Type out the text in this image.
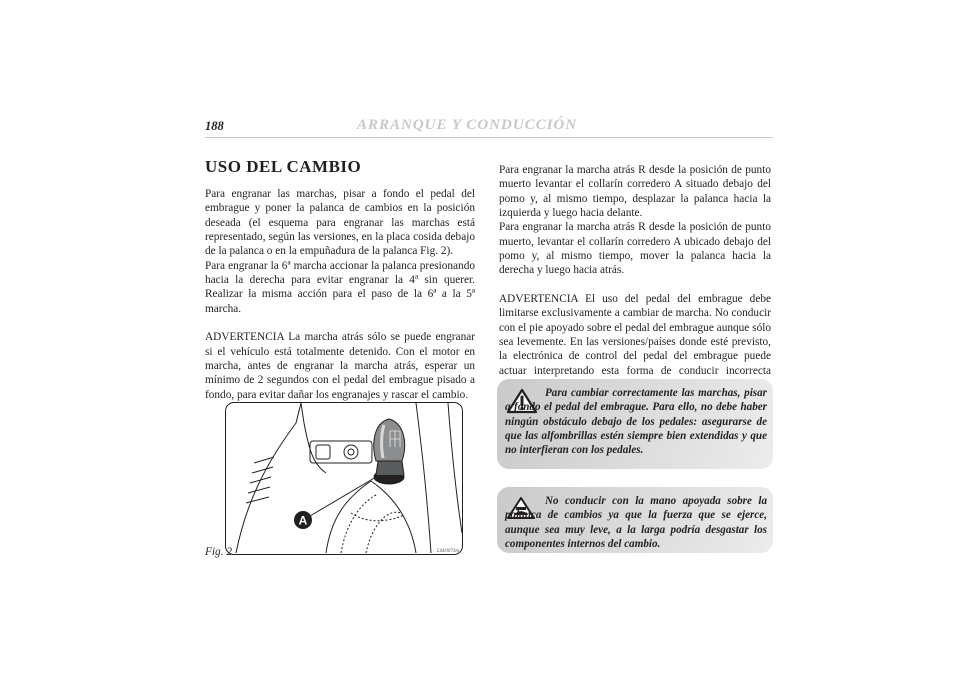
188	ARRANQUE Y CONDUCCIÓN
USO DEL CAMBIO

Para engranar las marchas, pisar a fondo el pedal del embrague y poner la palanca de cambios en la posición deseada (el esquema para engranar las marchas está representado, según las versiones, en la placa cosida debajo de la palanca o en la empuñadura de la palanca Fig. 2).

Para engranar la 6ª marcha accionar la palanca presionando hacia la derecha para evitar engranar la 4ª sin querer. Realizar la misma acción para el paso de la 6ª a la 5ª marcha.

ADVERTENCIA La marcha atrás sólo se puede engranar si el vehículo está totalmente detenido. Con el motor en marcha, antes de engranar la marcha atrás, esperar un mínimo de 2 segundos con el pedal del embrague pisado a fondo, para evitar dañar los engranajes y rascar el cambio.

A
Fig. 2	L0E0073m

Para engranar la marcha atrás R desde la posición de punto muerto levantar el collarín corredero A situado debajo del pomo y, al mismo tiempo, desplazar la palanca hacia la izquierda y luego hacia delante.

Para engranar la marcha atrás R desde la posición de punto muerto, levantar el collarín corredero A ubicado debajo del pomo y, al mismo tiempo, mover la palanca hacia la derecha y luego hacia atrás.

ADVERTENCIA El uso del pedal del embrague debe limitarse exclusivamente a cambiar de marcha. No conducir con el pie apoyado sobre el pedal del embrague aunque sólo sea levemente. En las versiones/países donde esté previsto, la electrónica de control del pedal del embrague puede actuar interpretando esta forma de conducir incorrecta

Para cambiar correctamente las marchas, pisar a fondo el pedal del embrague. Para ello, no debe haber ningún obstáculo debajo de los pedales: asegurarse de que las alfombrillas estén siempre bien extendidas y que no interfieran con los pedales.
No conducir con la mano apoyada sobre la palanca de cambios ya que la fuerza que se ejerce, aunque sea muy leve, a la larga podría desgastar los componentes internos del cambio.
